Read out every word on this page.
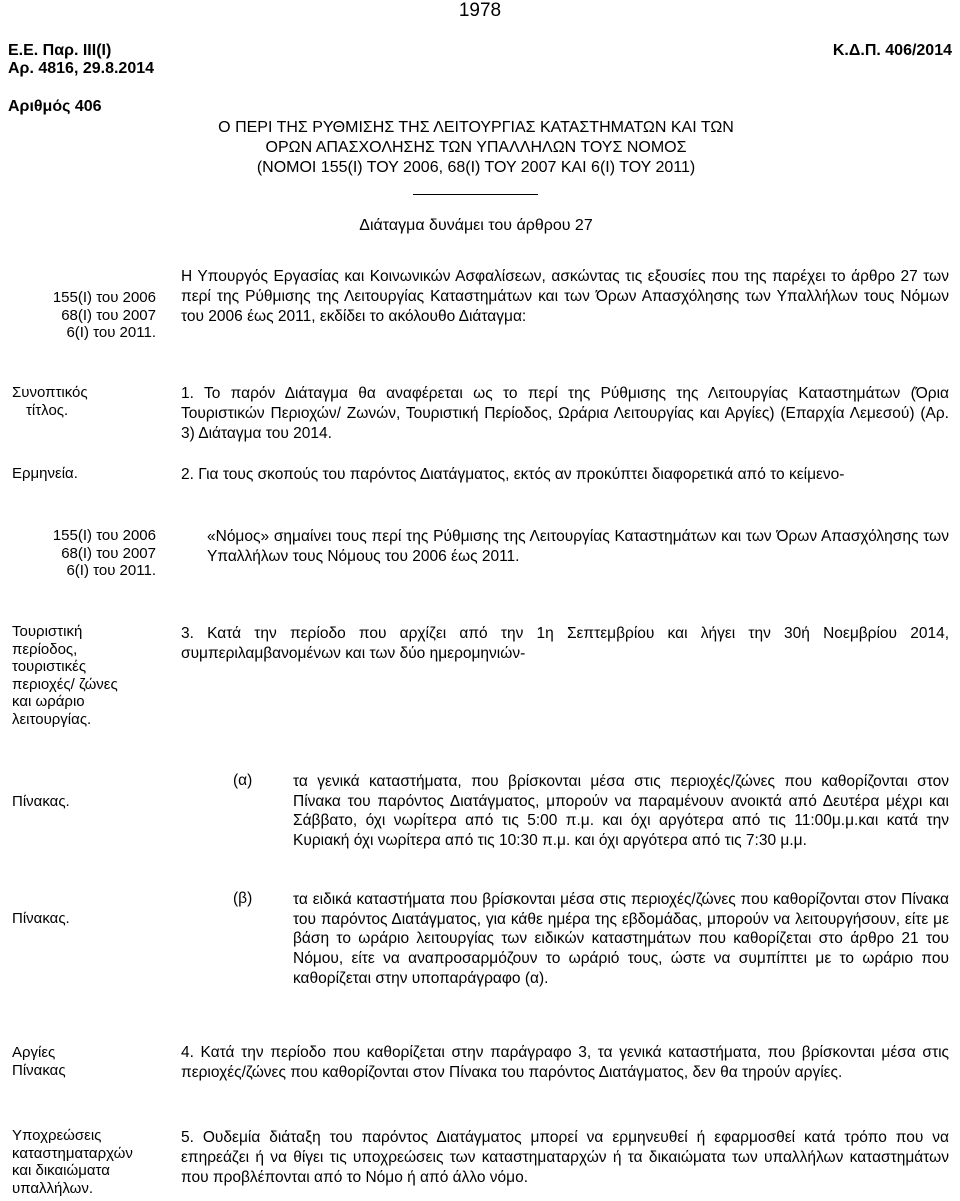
1978
Ε.Ε. Παρ. ΙΙΙ(Ι)
Αρ. 4816, 29.8.2014
Κ.Δ.Π. 406/2014
Αριθμός 406
Ο ΠΕΡΙ ΤΗΣ ΡΥΘΜΙΣΗΣ ΤΗΣ ΛΕΙΤΟΥΡΓΙΑΣ ΚΑΤΑΣΤΗΜΑΤΩΝ ΚΑΙ ΤΩΝ
ΟΡΩΝ ΑΠΑΣΧΟΛΗΣΗΣ ΤΩΝ ΥΠΑΛΛΗΛΩΝ ΤΟΥΣ ΝΟΜΟΣ
(ΝΟΜΟΙ 155(Ι) ΤΟΥ 2006, 68(Ι) ΤΟΥ 2007 ΚΑΙ 6(Ι) ΤΟΥ 2011)
Διάταγμα δυνάμει του άρθρου 27
155(Ι) του 2006
68(Ι) του 2007
6(Ι) του 2011.
Συνοπτικός
τίτλος.
Ερμηνεία.
155(Ι) του 2006
68(Ι) του 2007
6(Ι) του 2011.
Τουριστική
περίοδος,
τουριστικές
περιοχές/ ζώνες
και ωράριο
λειτουργίας.
Πίνακας.
Πίνακας.
Αργίες
Πίνακας
Υποχρεώσεις
καταστηματαρχών
και δικαιώματα
υπαλλήλων.
Η Υπουργός Εργασίας και Κοινωνικών Ασφαλίσεων, ασκώντας τις εξουσίες που της παρέχει το άρθρο 27 των περί της Ρύθμισης της Λειτουργίας Καταστημάτων και των Όρων Απασχόλησης των Υπαλλήλων τους Νόμων του 2006 έως 2011, εκδίδει το ακόλουθο Διάταγμα:
1. Το παρόν Διάταγμα θα αναφέρεται ως το περί της Ρύθμισης της Λειτουργίας Καταστημάτων (Όρια Τουριστικών Περιοχών/ Ζωνών, Τουριστική Περίοδος, Ωράρια Λειτουργίας και Αργίες) (Επαρχία Λεμεσού) (Αρ. 3) Διάταγμα του 2014.
2. Για τους σκοπούς του παρόντος Διατάγματος, εκτός αν προκύπτει διαφορετικά από το κείμενο-
«Νόμος» σημαίνει τους περί της Ρύθμισης της Λειτουργίας Καταστημάτων και των Όρων Απασχόλησης των Υπαλλήλων τους Νόμους του 2006 έως 2011.
3. Κατά την περίοδο που αρχίζει από την 1η Σεπτεμβρίου και λήγει την 30ή Νοεμβρίου 2014, συμπεριλαμβανομένων και των δύο ημερομηνιών-
(α)	τα γενικά καταστήματα, που βρίσκονται μέσα στις περιοχές/ζώνες που καθορίζονται στον Πίνακα του παρόντος Διατάγματος, μπορούν να παραμένουν ανοικτά από Δευτέρα μέχρι και Σάββατο, όχι νωρίτερα από τις 5:00 π.μ. και όχι αργότερα από τις 11:00μ.μ.και κατά την Κυριακή όχι νωρίτερα από τις 10:30 π.μ. και όχι αργότερα από τις 7:30 μ.μ.
(β)	τα ειδικά καταστήματα που βρίσκονται μέσα στις περιοχές/ζώνες που καθορίζονται στον Πίνακα του παρόντος Διατάγματος, για κάθε ημέρα της εβδομάδας, μπορούν να λειτουργήσουν, είτε με βάση το ωράριο λειτουργίας των ειδικών καταστημάτων που καθορίζεται στο άρθρο 21 του Νόμου, είτε να αναπροσαρμόζουν το ωράριό τους, ώστε να συμπίπτει με το ωράριο που καθορίζεται στην υποπαράγραφο (α).
4. Κατά την περίοδο που καθορίζεται στην παράγραφο 3, τα γενικά καταστήματα, που βρίσκονται μέσα στις περιοχές/ζώνες που καθορίζονται στον Πίνακα του παρόντος Διατάγματος, δεν θα τηρούν αργίες.
5. Ουδεμία διάταξη του παρόντος Διατάγματος μπορεί να ερμηνευθεί ή εφαρμοσθεί κατά τρόπο που να επηρεάζει ή να θίγει τις υποχρεώσεις των καταστηματαρχών ή τα δικαιώματα των υπαλλήλων καταστημάτων που προβλέπονται από το Νόμο ή από άλλο νόμο.
